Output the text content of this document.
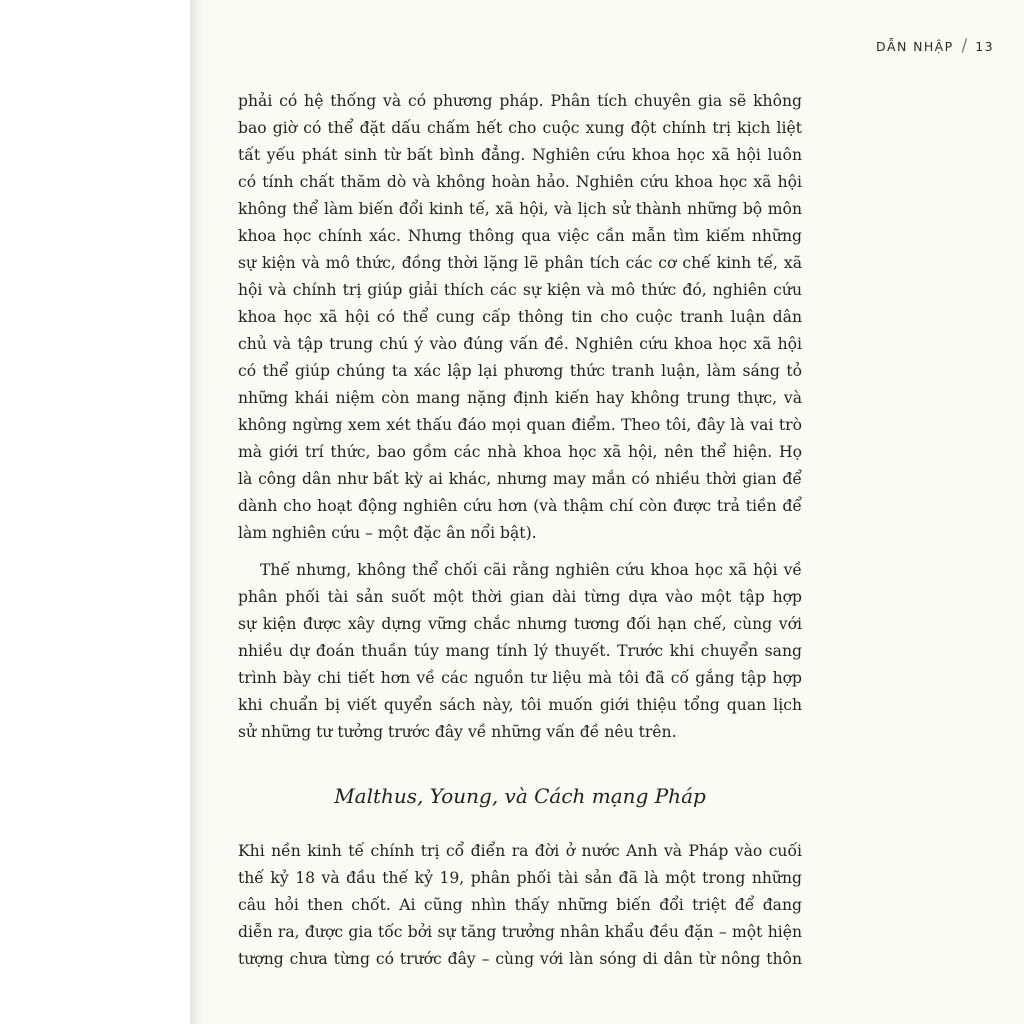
DẪN NHẬP / 13
phải có hệ thống và có phương pháp. Phân tích chuyên gia sẽ không
bao giờ có thể đặt dấu chấm hết cho cuộc xung đột chính trị kịch liệt
tất yếu phát sinh từ bất bình đẳng. Nghiên cứu khoa học xã hội luôn
có tính chất thăm dò và không hoàn hảo. Nghiên cứu khoa học xã hội
không thể làm biến đổi kinh tế, xã hội, và lịch sử thành những bộ môn
khoa học chính xác. Nhưng thông qua việc cần mẫn tìm kiếm những
sự kiện và mô thức, đồng thời lặng lẽ phân tích các cơ chế kinh tế, xã
hội và chính trị giúp giải thích các sự kiện và mô thức đó, nghiên cứu
khoa học xã hội có thể cung cấp thông tin cho cuộc tranh luận dân
chủ và tập trung chú ý vào đúng vấn đề. Nghiên cứu khoa học xã hội
có thể giúp chúng ta xác lập lại phương thức tranh luận, làm sáng tỏ
những khái niệm còn mang nặng định kiến hay không trung thực, và
không ngừng xem xét thấu đáo mọi quan điểm. Theo tôi, đây là vai trò
mà giới trí thức, bao gồm các nhà khoa học xã hội, nên thể hiện. Họ
là công dân như bất kỳ ai khác, nhưng may mắn có nhiều thời gian để
dành cho hoạt động nghiên cứu hơn (và thậm chí còn được trả tiền để
làm nghiên cứu – một đặc ân nổi bật).
Thế nhưng, không thể chối cãi rằng nghiên cứu khoa học xã hội về
phân phối tài sản suốt một thời gian dài từng dựa vào một tập hợp
sự kiện được xây dựng vững chắc nhưng tương đối hạn chế, cùng với
nhiều dự đoán thuần túy mang tính lý thuyết. Trước khi chuyển sang
trình bày chi tiết hơn về các nguồn tư liệu mà tôi đã cố gắng tập hợp
khi chuẩn bị viết quyển sách này, tôi muốn giới thiệu tổng quan lịch
sử những tư tưởng trước đây về những vấn đề nêu trên.
Malthus, Young, và Cách mạng Pháp
Khi nền kinh tế chính trị cổ điển ra đời ở nước Anh và Pháp vào cuối
thế kỷ 18 và đầu thế kỷ 19, phân phối tài sản đã là một trong những
câu hỏi then chốt. Ai cũng nhìn thấy những biến đổi triệt để đang
diễn ra, được gia tốc bởi sự tăng trưởng nhân khẩu đều đặn – một hiện
tượng chưa từng có trước đây – cùng với làn sóng di dân từ nông thôn
